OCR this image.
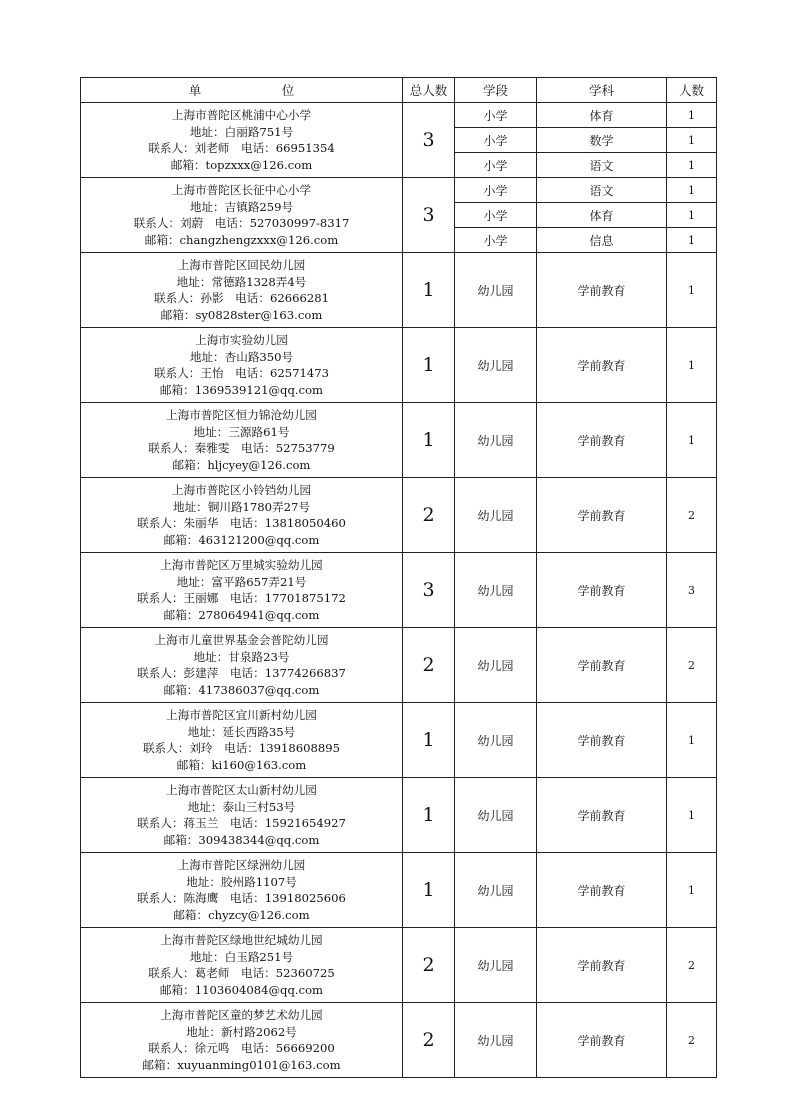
单　位	总人数	学段	学科	人数

上海市普陀区桃浦中心小学
地址：白丽路751号
联系人：刘老师　电话：66951354
邮箱：topzxxx@126.com	3	小学	体育	1
		小学	数学	1
		小学	语文	1

上海市普陀区长征中心小学
地址：吉镇路259号
联系人：刘蔚　电话：527030997-8317
邮箱：changzhengzxxx@126.com	3	小学	语文	1
		小学	体育	1
		小学	信息	1

上海市普陀区回民幼儿园
地址：常德路1328弄4号
联系人：孙影　电话：62666281
邮箱：sy0828ster@163.com	1	幼儿园	学前教育	1

上海市实验幼儿园
地址：杏山路350号
联系人：王怡　电话：62571473
邮箱：1369539121@qq.com	1	幼儿园	学前教育	1

上海市普陀区恒力锦沧幼儿园
地址：三源路61号
联系人：秦雅雯　电话：52753779
邮箱：hljcyey@126.com	1	幼儿园	学前教育	1

上海市普陀区小铃铛幼儿园
地址：铜川路1780弄27号
联系人：朱丽华　电话：13818050460
邮箱：463121200@qq.com	2	幼儿园	学前教育	2

上海市普陀区万里城实验幼儿园
地址：富平路657弄21号
联系人：王丽娜　电话：17701875172
邮箱：278064941@qq.com	3	幼儿园	学前教育	3

上海市儿童世界基金会普陀幼儿园
地址：甘泉路23号
联系人：彭建萍　电话：13774266837
邮箱：417386037@qq.com	2	幼儿园	学前教育	2

上海市普陀区宜川新村幼儿园
地址：延长西路35号
联系人：刘玲　电话：13918608895
邮箱：ki160@163.com	1	幼儿园	学前教育	1

上海市普陀区太山新村幼儿园
地址：泰山三村53号
联系人：蒋玉兰　电话：15921654927
邮箱：309438344@qq.com	1	幼儿园	学前教育	1

上海市普陀区绿洲幼儿园
地址：胶州路1107号
联系人：陈海鹰　电话：13918025606
邮箱：chyzcy@126.com	1	幼儿园	学前教育	1

上海市普陀区绿地世纪城幼儿园
地址：白玉路251号
联系人：葛老师　电话：52360725
邮箱：1103604084@qq.com	2	幼儿园	学前教育	2

上海市普陀区童的梦艺术幼儿园
地址：新村路2062号
联系人：徐元鸣　电话：56669200
邮箱：xuyuanming0101@163.com	2	幼儿园	学前教育	2
